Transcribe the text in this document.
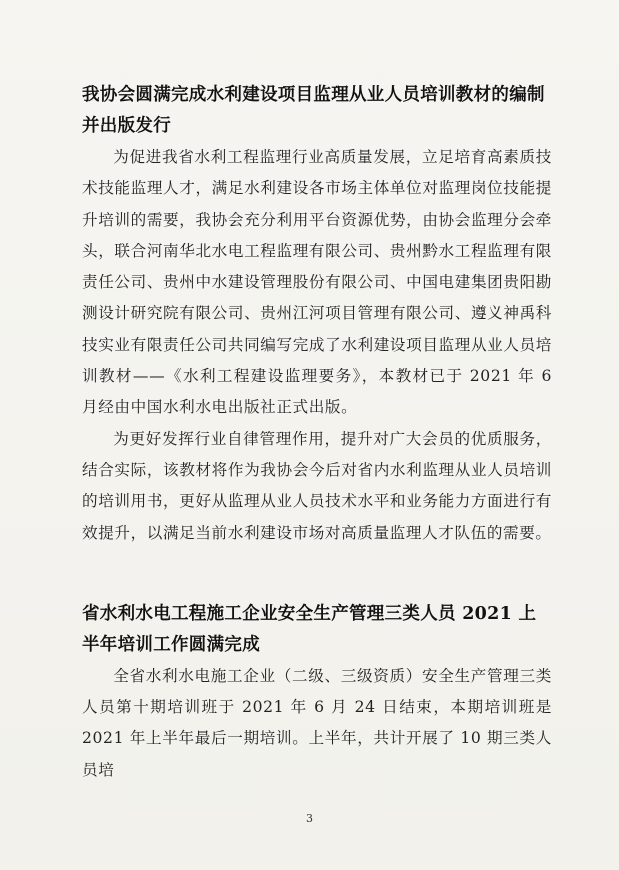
我协会圆满完成水利建设项目监理从业人员培训教材的编制并出版发行

为促进我省水利工程监理行业高质量发展，立足培育高素质技术技能监理人才，满足水利建设各市场主体单位对监理岗位技能提升培训的需要，我协会充分利用平台资源优势，由协会监理分会牵头，联合河南华北水电工程监理有限公司、贵州黔水工程监理有限责任公司、贵州中水建设管理股份有限公司、中国电建集团贵阳勘测设计研究院有限公司、贵州江河项目管理有限公司、遵义神禹科技实业有限责任公司共同编写完成了水利建设项目监理从业人员培训教材——《水利工程建设监理要务》，本教材已于 2021 年 6 月经由中国水利水电出版社正式出版。

为更好发挥行业自律管理作用，提升对广大会员的优质服务，结合实际，该教材将作为我协会今后对省内水利监理从业人员培训的培训用书，更好从监理从业人员技术水平和业务能力方面进行有效提升，以满足当前水利建设市场对高质量监理人才队伍的需要。

省水利水电工程施工企业安全生产管理三类人员 2021 上半年培训工作圆满完成

全省水利水电施工企业（二级、三级资质）安全生产管理三类人员第十期培训班于 2021 年 6 月 24 日结束，本期培训班是 2021 年上半年最后一期培训。上半年，共计开展了 10 期三类人员培

3
